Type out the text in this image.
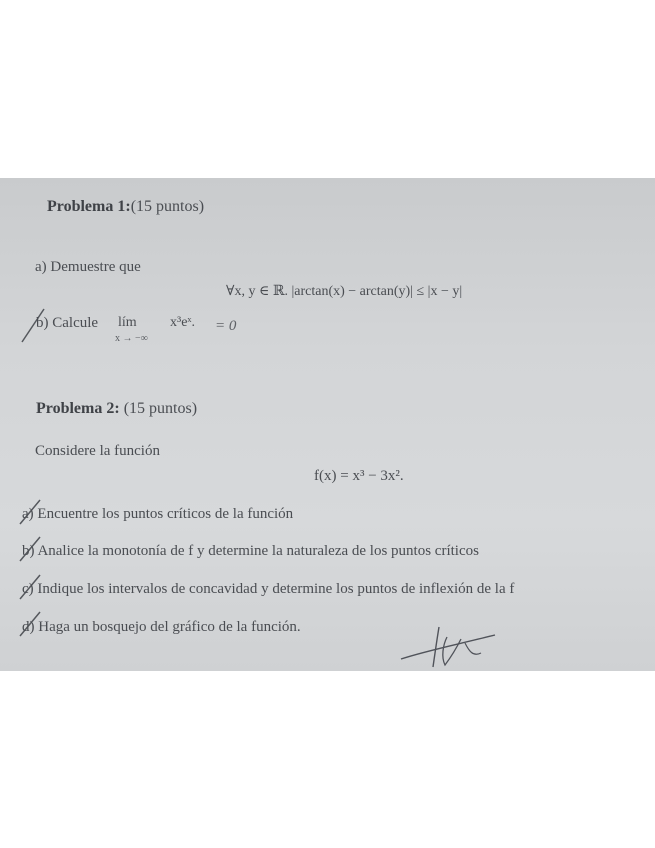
Problema 1:(15 puntos)
a) Demuestre que
∀x, y ∈ ℝ. |arctan(x) − arctan(y)| ≤ |x − y|
b) Calcule lím
x → −∞
x³eˣ. = 0
Problema 2: (15 puntos)
Considere la función
f(x) = x³ − 3x².
a) Encuentre los puntos críticos de la función
b) Analice la monotonía de f y determine la naturaleza de los puntos críticos
c) Indique los intervalos de concavidad y determine los puntos de inflexión de la f
d) Haga un bosquejo del gráfico de la función.
